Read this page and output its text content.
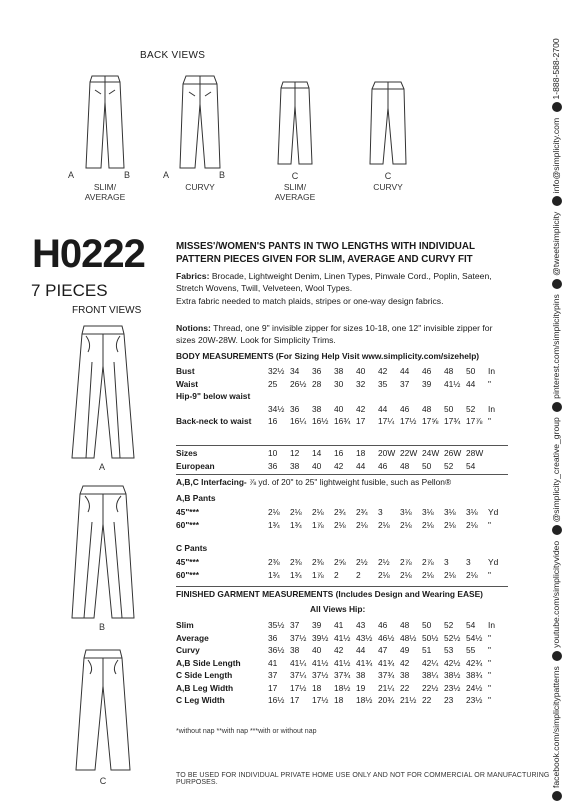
BACK VIEWS
A	B
SLIM/
AVERAGE
A	B
CURVY
C
SLIM/
AVERAGE
C
CURVY
H0222
7 PIECES
FRONT VIEWS
A
B
C
MISSES'/WOMEN'S PANTS IN TWO LENGTHS WITH INDIVIDUAL PATTERN PIECES GIVEN FOR SLIM, AVERAGE AND CURVY FIT
Fabrics: Brocade, Lightweight Denim, Linen Types, Pinwale Cord., Poplin, Sateen, Stretch Wovens, Twill, Velveteen, Wool Types.
Extra fabric needed to match plaids, stripes or one-way design fabrics.
Notions: Thread, one 9" invisible zipper for sizes 10-18, one 12" invisible zipper for sizes 20W-28W. Look for Simplicity Trims.
BODY MEASUREMENTS (For Sizing Help Visit www.simplicity.com/sizehelp)
Bust	32½	34	36	38	40	42	44	46	48	50	In
Waist	25	26½	28	30	32	35	37	39	41½	44	"
Hip-9" below waist											
	34½	36	38	40	42	44	46	48	50	52	In
Back-neck to waist	16	16¼	16½	16¾	17	17¼	17½	17⅝	17¾	17⅞	"
Sizes	10	12	14	16	18	20W	22W	24W	26W	28W
European	36	38	40	42	44	46	48	50	52	54
A,B,C Interfacing- ⅞ yd. of 20" to 25" lightweight fusible, such as Pellon®
A,B Pants
45"***	2⅛	2⅛	2⅛	2¾	2¾	3	3⅛	3⅛	3⅛	3⅛	Yd
60"***	1¾	1¾	1⅞	2⅛	2⅛	2⅛	2⅛	2⅛	2⅛	2⅛	"
C Pants
45"***	2⅜	2⅜	2⅜	2⅝	2½	2½	2⅞	2⅞	3	3	Yd
60"***	1¾	1¾	1⅞	2	2	2⅛	2⅛	2⅛	2⅛	2⅛	"
FINISHED GARMENT MEASUREMENTS (Includes Design and Wearing EASE)
All Views Hip:
Slim	35½	37	39	41	43	46	48	50	52	54	In
Average	36	37½	39½	41½	43½	46½	48½	50½	52½	54½	"
Curvy	36½	38	40	42	44	47	49	51	53	55	"
A,B Side Length	41	41¼	41½	41½	41¾	41¾	42	42¼	42½	42¾	"
C Side Length	37	37¼	37½	37¾	38	37¾	38	38¼	38½	38¾	"
A,B Leg Width	17	17½	18	18½	19	21¼	22	22½	23½	24½	"
C Leg Width	16½	17	17½	18	18½	20¾	21½	22	23	23½	"
*without nap **with nap ***with or without nap
TO BE USED FOR INDIVIDUAL PRIVATE HOME USE ONLY AND NOT FOR COMMERCIAL OR MANUFACTURING PURPOSES.	facebook.com/simplicitypatterns youtube.com/simplicityvideo @simplicity_creative_group pinterest.com/simplicitypins @tweetsimplicity info@simplicity.com 1-888-588-2700
